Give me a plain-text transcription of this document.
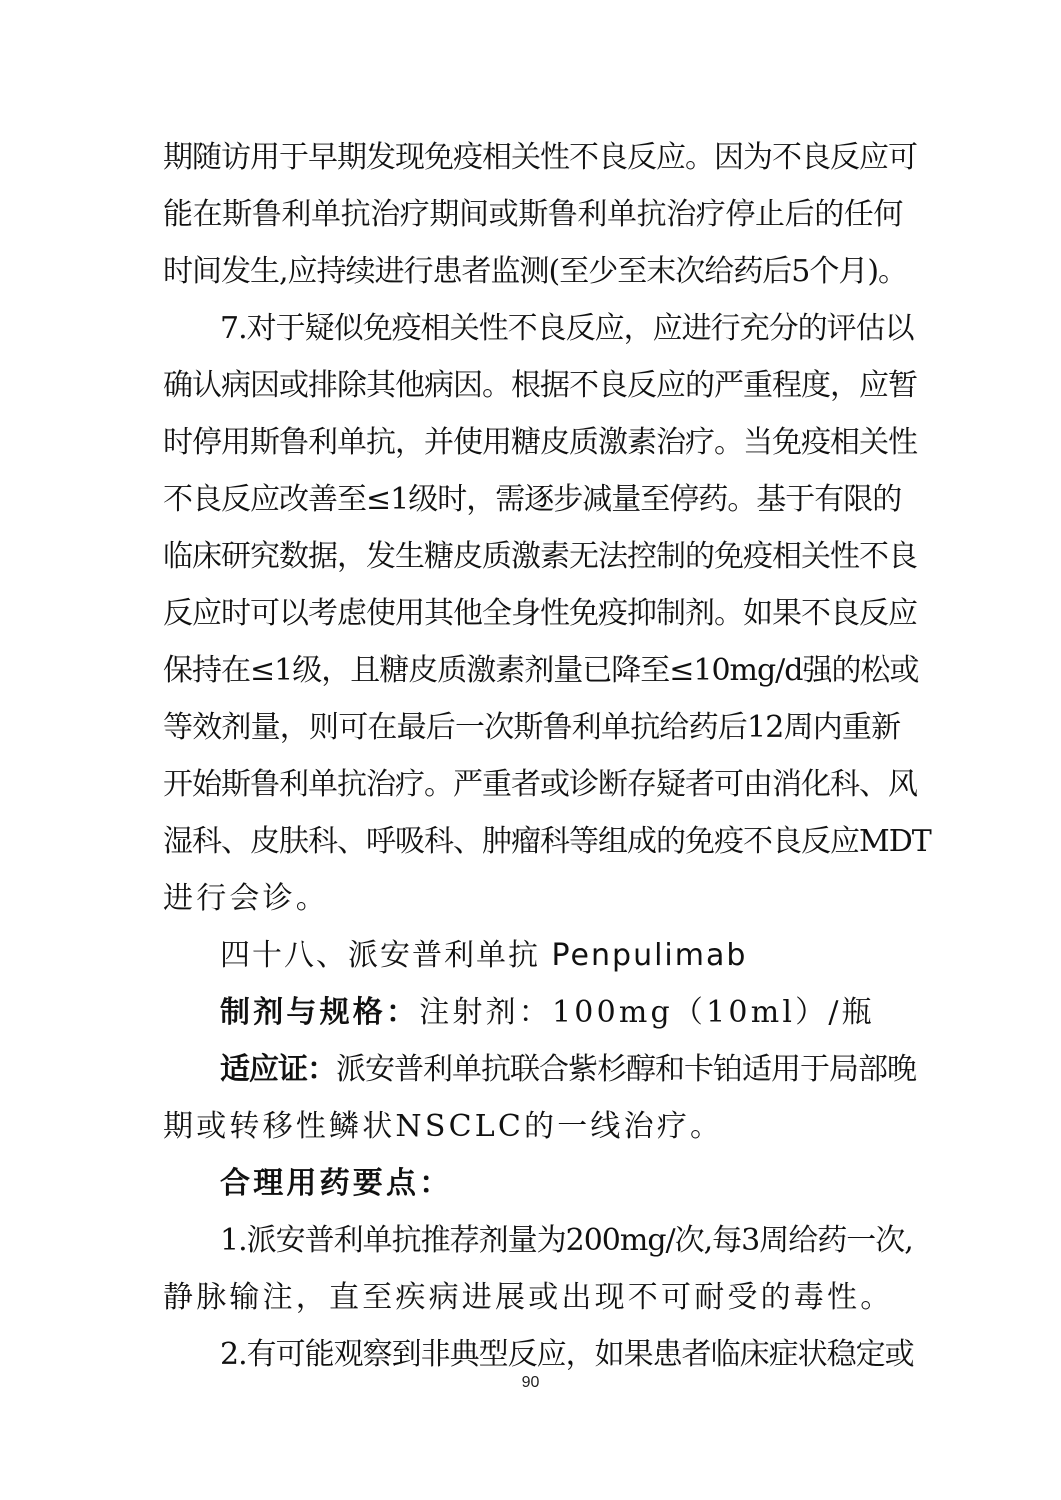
期随访用于早期发现免疫相关性不良反应。因为不良反应可
能在斯鲁利单抗治疗期间或斯鲁利单抗治疗停止后的任何
时间发生,应持续进行患者监测(至少至末次给药后5个月)。
7.对于疑似免疫相关性不良反应，应进行充分的评估以
确认病因或排除其他病因。根据不良反应的严重程度，应暂
时停用斯鲁利单抗，并使用糖皮质激素治疗。当免疫相关性
不良反应改善至≤1级时，需逐步减量至停药。基于有限的
临床研究数据，发生糖皮质激素无法控制的免疫相关性不良
反应时可以考虑使用其他全身性免疫抑制剂。如果不良反应
保持在≤1级，且糖皮质激素剂量已降至≤10mg/d强的松或
等效剂量，则可在最后一次斯鲁利单抗给药后12周内重新
开始斯鲁利单抗治疗。严重者或诊断存疑者可由消化科、风
湿科、皮肤科、呼吸科、肿瘤科等组成的免疫不良反应MDT
进行会诊。
四十八、派安普利单抗 Penpulimab
制剂与规格：注射剂：100mg（10ml）/瓶
适应证：派安普利单抗联合紫杉醇和卡铂适用于局部晚
期或转移性鳞状NSCLC的一线治疗。
合理用药要点：
1.派安普利单抗推荐剂量为200mg/次,每3周给药一次,
静脉输注，直至疾病进展或出现不可耐受的毒性。
2.有可能观察到非典型反应，如果患者临床症状稳定或
90
